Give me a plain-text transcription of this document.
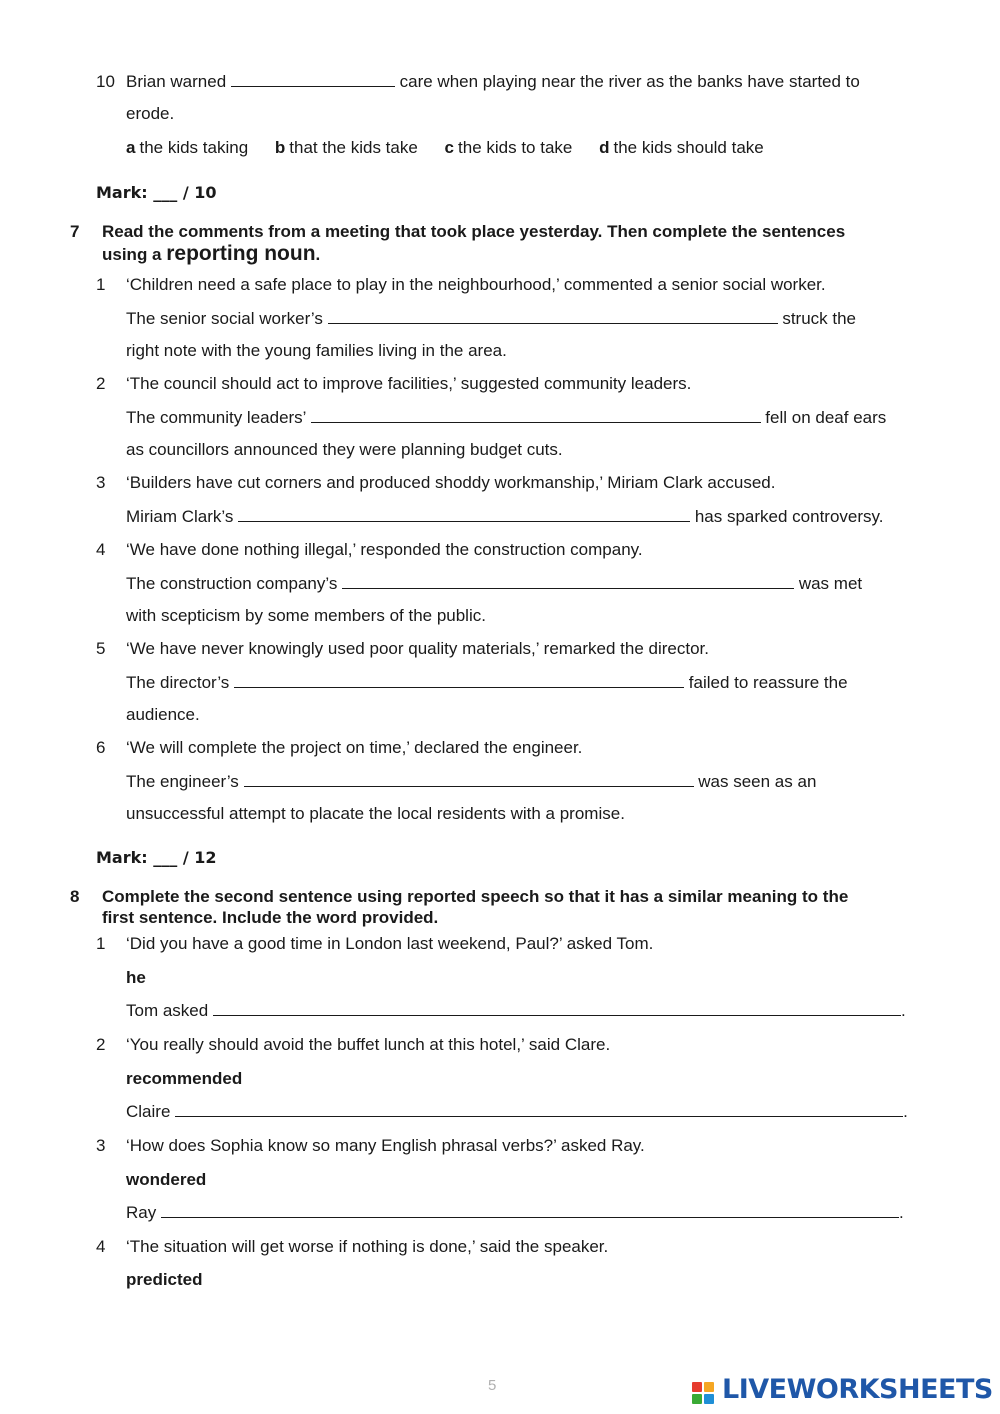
10 Brian warned	care when playing near the river as the banks have started to
erode.
a the kids taking b that the kids take c the kids to take d the kids should take
Mark: ___ / 10
7 Read the comments from a meeting that took place yesterday. Then complete the sentences
using a reporting noun.
1 ‘Children need a safe place to play in the neighbourhood,’ commented a senior social worker.
The senior social worker’s	struck the
right note with the young families living in the area.
2 ‘The council should act to improve facilities,’ suggested community leaders.
The community leaders’	fell on deaf ears
as councillors announced they were planning budget cuts.
3 ‘Builders have cut corners and produced shoddy workmanship,’ Miriam Clark accused.
Miriam Clark’s	has sparked controversy.
4 ‘We have done nothing illegal,’ responded the construction company.
The construction company’s	was met
with scepticism by some members of the public.
5 ‘We have never knowingly used poor quality materials,’ remarked the director.
The director’s	failed to reassure the
audience.
6 ‘We will complete the project on time,’ declared the engineer.
The engineer’s	was seen as an
unsuccessful attempt to placate the local residents with a promise.
Mark: ___ / 12
8 Complete the second sentence using reported speech so that it has a similar meaning to the
first sentence. Include the word provided.
1 ‘Did you have a good time in London last weekend, Paul?’ asked Tom.
he
Tom asked	.
2 ‘You really should avoid the buffet lunch at this hotel,’ said Clare.
recommended
Claire	.
3 ‘How does Sophia know so many English phrasal verbs?’ asked Ray.
wondered
Ray	.
4 ‘The situation will get worse if nothing is done,’ said the speaker.
predicted
5	LIVEWORKSHEETS
